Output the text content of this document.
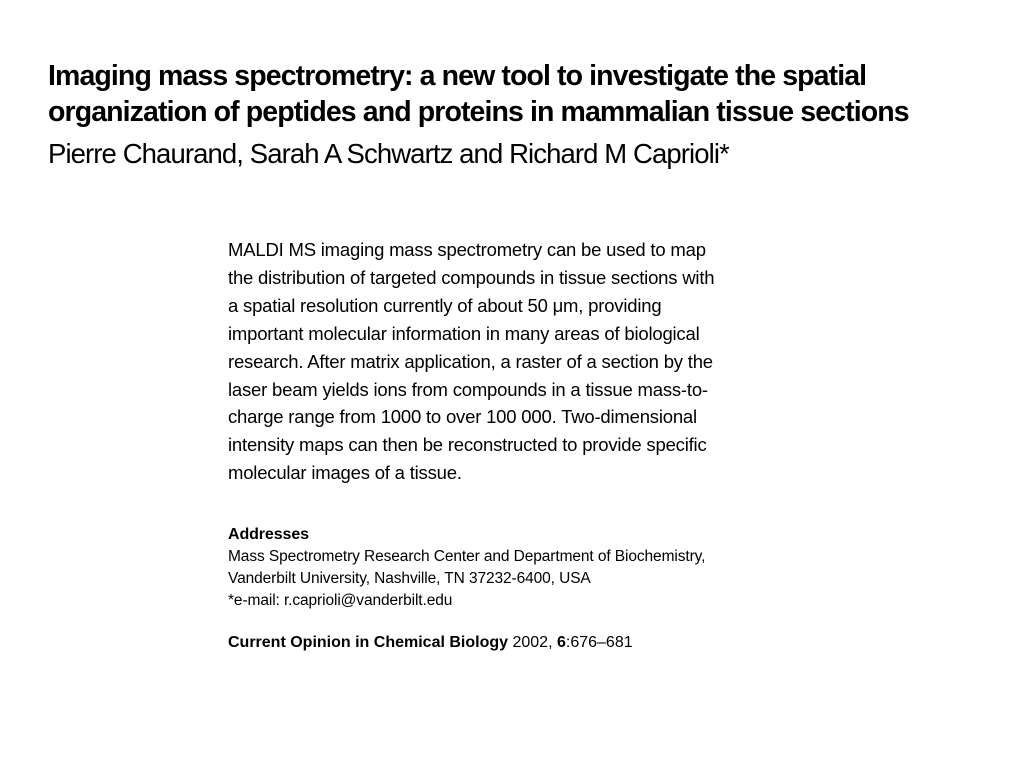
Imaging mass spectrometry: a new tool to investigate the spatial
organization of peptides and proteins in mammalian tissue sections

Pierre Chaurand, Sarah A Schwartz and Richard M Caprioli*

MALDI MS imaging mass spectrometry can be used to map
the distribution of targeted compounds in tissue sections with
a spatial resolution currently of about 50 μm, providing
important molecular information in many areas of biological
research. After matrix application, a raster of a section by the
laser beam yields ions from compounds in a tissue mass-to-
charge range from 1000 to over 100 000. Two-dimensional
intensity maps can then be reconstructed to provide specific
molecular images of a tissue.

Addresses
Mass Spectrometry Research Center and Department of Biochemistry,
Vanderbilt University, Nashville, TN 37232-6400, USA
*e-mail: r.caprioli@vanderbilt.edu
Current Opinion in Chemical Biology 2002, 6:676–681
